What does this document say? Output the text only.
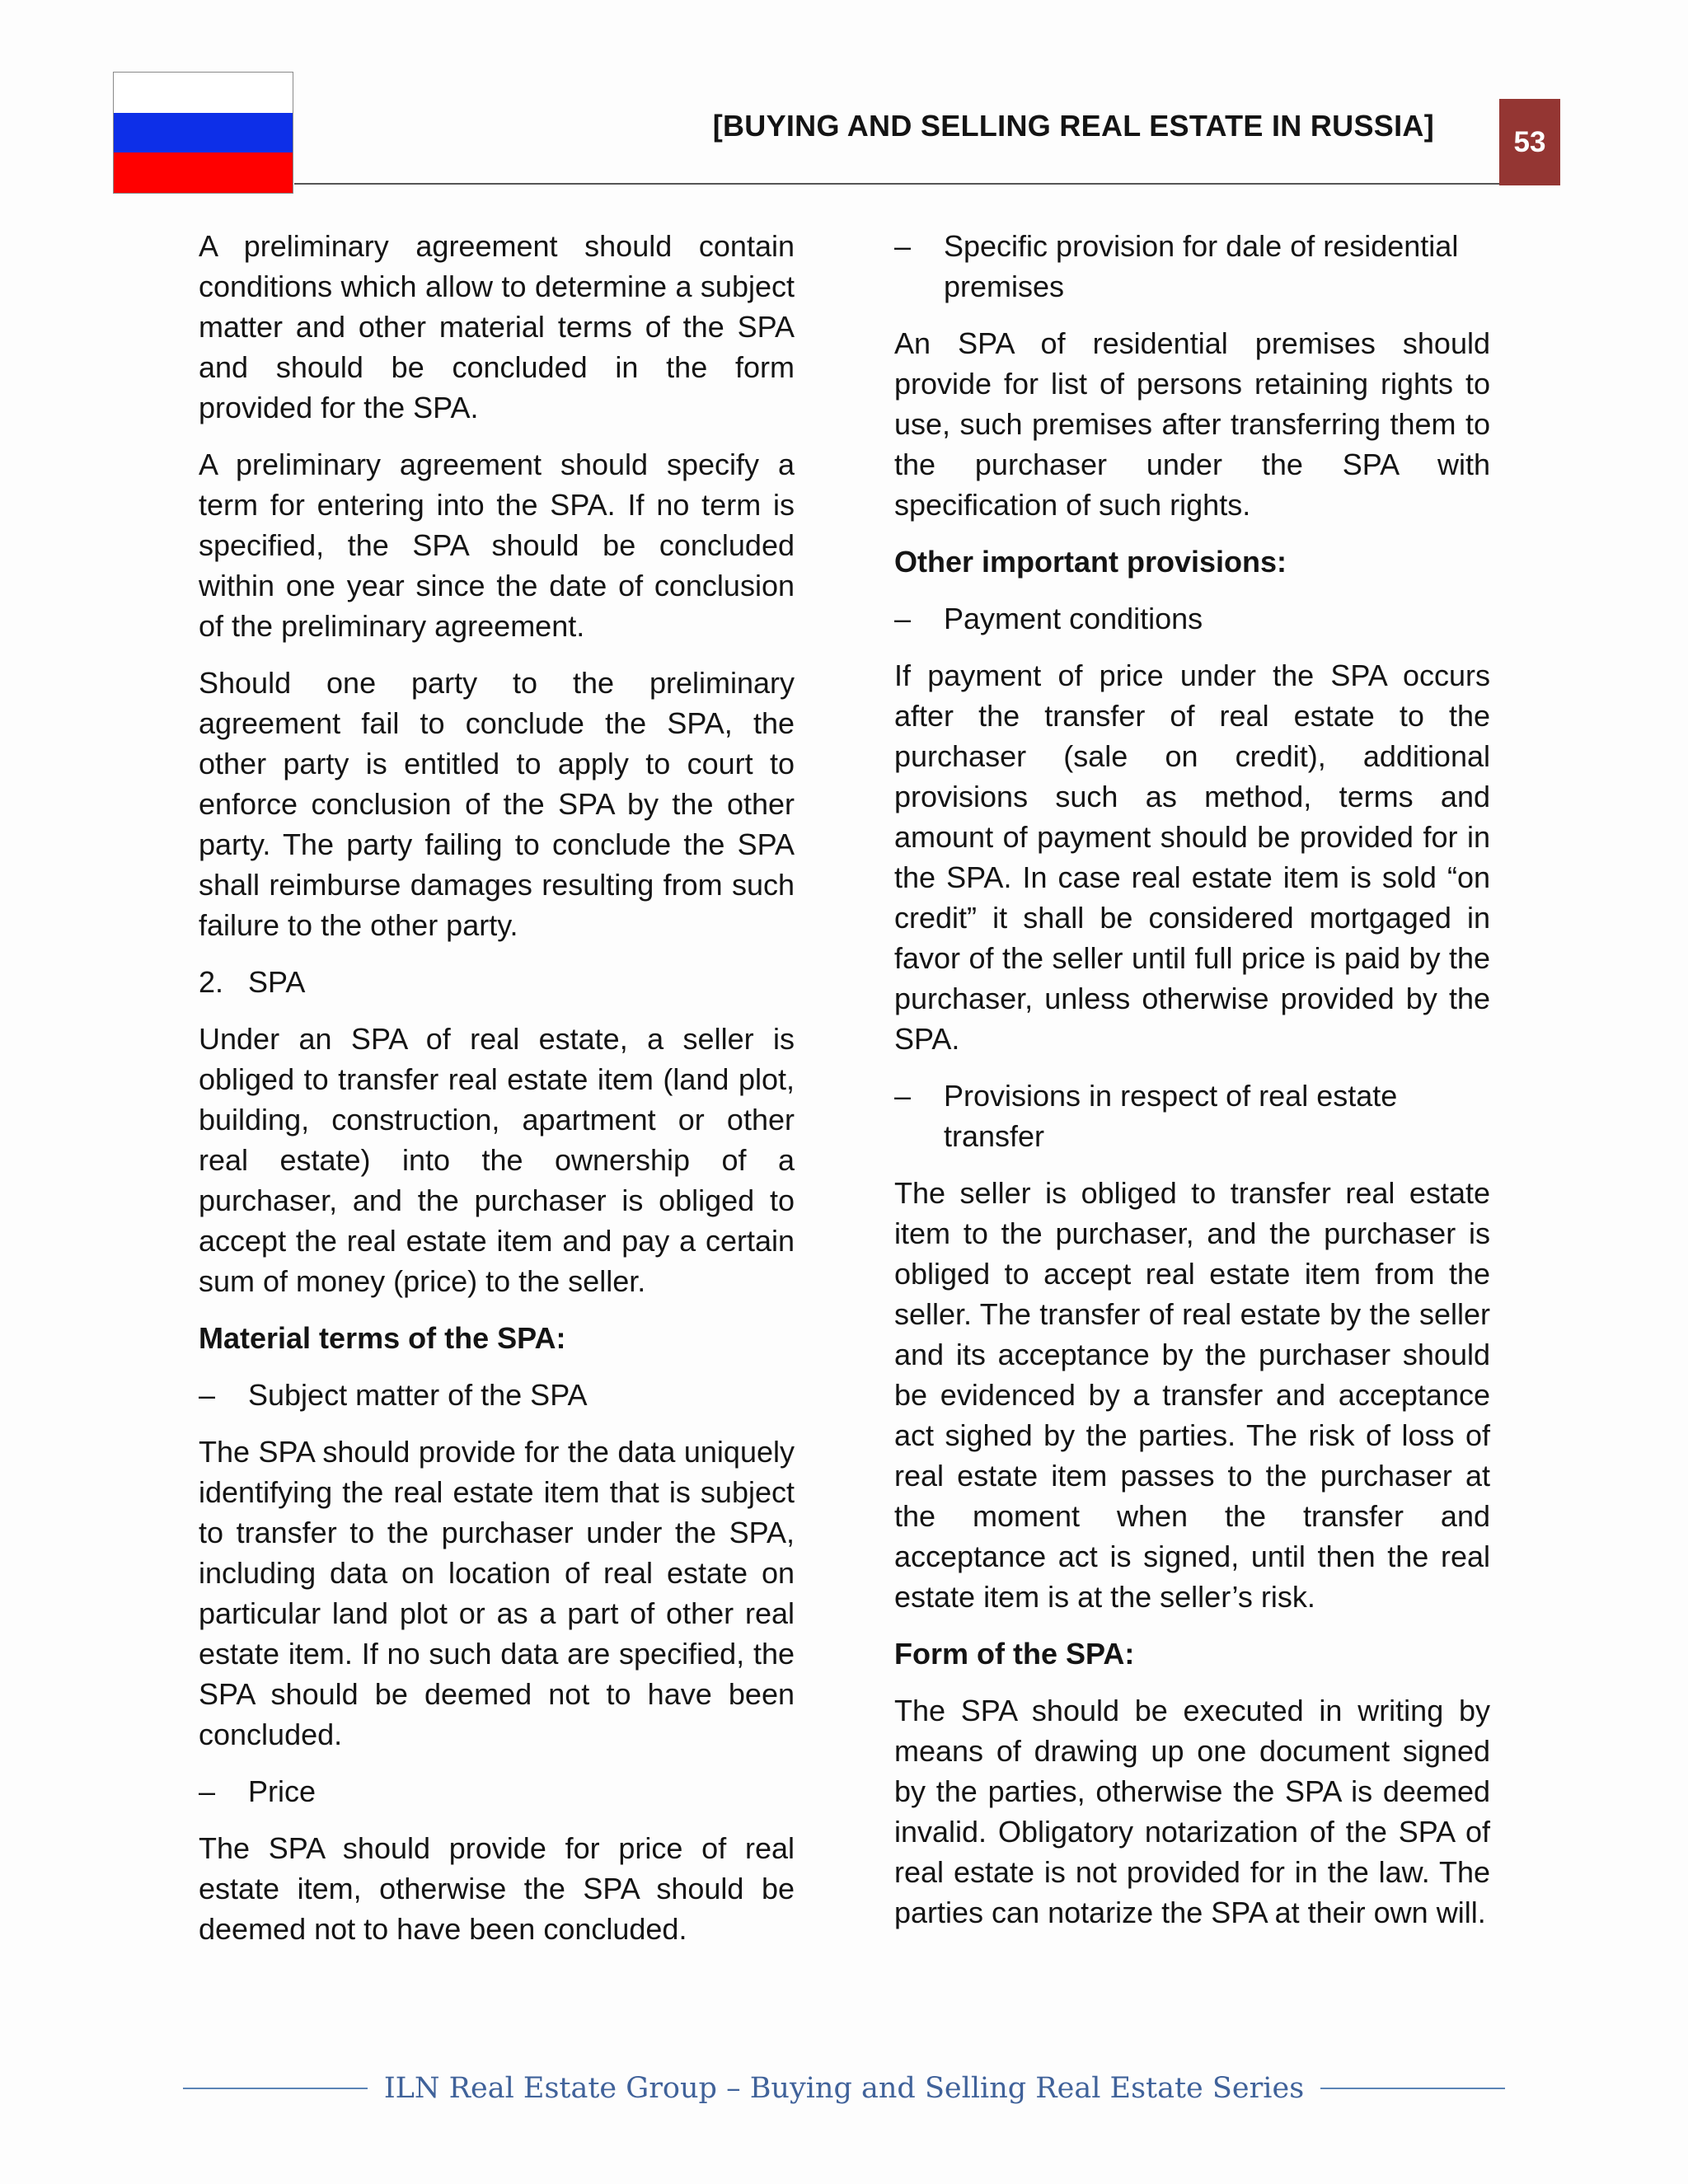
[BUYING AND SELLING REAL ESTATE IN RUSSIA]	53

A preliminary agreement should contain conditions which allow to determine a subject matter and other material terms of the SPA and should be concluded in the form provided for the SPA.

A preliminary agreement should specify a term for entering into the SPA. If no term is specified, the SPA should be concluded within one year since the date of conclusion of the preliminary agreement.

Should one party to the preliminary agreement fail to conclude the SPA, the other party is entitled to apply to court to enforce conclusion of the SPA by the other party. The party failing to conclude the SPA shall reimburse damages resulting from such failure to the other party.

2. SPA

Under an SPA of real estate, a seller is obliged to transfer real estate item (land plot, building, construction, apartment or other real estate) into the ownership of a purchaser, and the purchaser is obliged to accept the real estate item and pay a certain sum of money (price) to the seller.

Material terms of the SPA:

–	Subject matter of the SPA

The SPA should provide for the data uniquely identifying the real estate item that is subject to transfer to the purchaser under the SPA, including data on location of real estate on particular land plot or as a part of other real estate item. If no such data are specified, the SPA should be deemed not to have been concluded.

–	Price

The SPA should provide for price of real estate item, otherwise the SPA should be deemed not to have been concluded.

–	Specific provision for dale of residential premises

An SPA of residential premises should provide for list of persons retaining rights to use, such premises after transferring them to the purchaser under the SPA with specification of such rights.

Other important provisions:

–	Payment conditions

If payment of price under the SPA occurs after the transfer of real estate to the purchaser (sale on credit), additional provisions such as method, terms and amount of payment should be provided for in the SPA. In case real estate item is sold “on credit” it shall be considered mortgaged in favor of the seller until full price is paid by the purchaser, unless otherwise provided by the SPA.

–	Provisions in respect of real estate transfer

The seller is obliged to transfer real estate item to the purchaser, and the purchaser is obliged to accept real estate item from the seller. The transfer of real estate by the seller and its acceptance by the purchaser should be evidenced by a transfer and acceptance act sighed by the parties. The risk of loss of real estate item passes to the purchaser at the moment when the transfer and acceptance act is signed, until then the real estate item is at the seller’s risk.

Form of the SPA:

The SPA should be executed in writing by means of drawing up one document signed by the parties, otherwise the SPA is deemed invalid. Obligatory notarization of the SPA of real estate is not provided for in the law. The parties can notarize the SPA at their own will.

ILN Real Estate Group – Buying and Selling Real Estate Series
